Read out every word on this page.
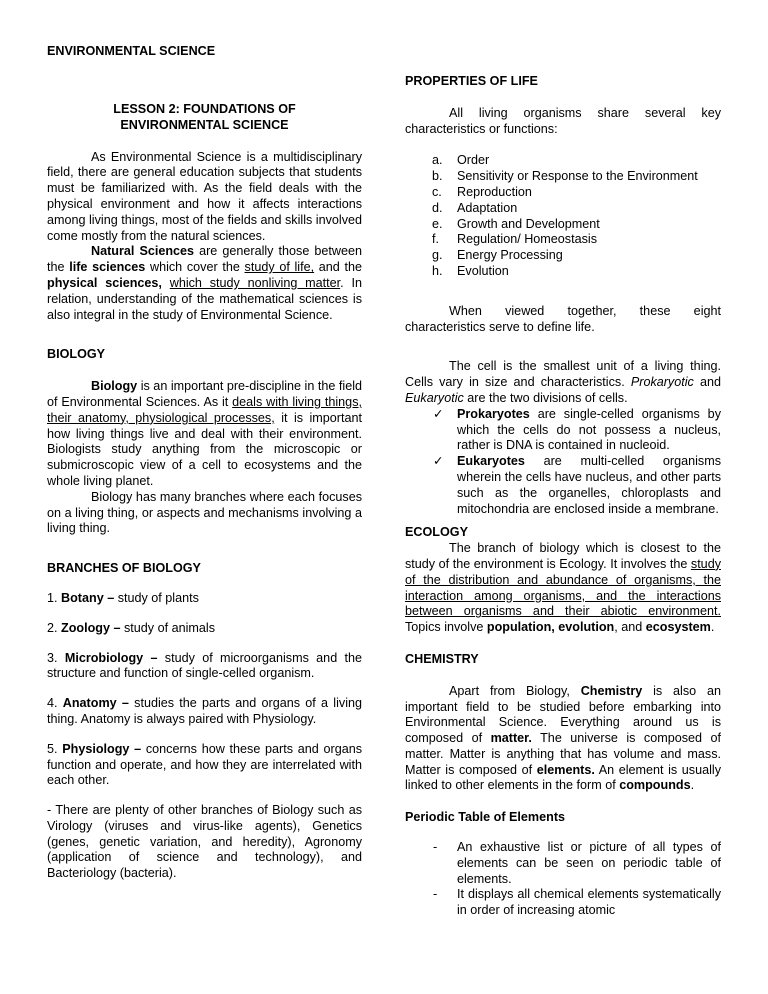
ENVIRONMENTAL SCIENCE
LESSON 2: FOUNDATIONS OF
ENVIRONMENTAL SCIENCE

As Environmental Science is a multidisciplinary field, there are general education subjects that students must be familiarized with. As the field deals with the physical environment and how it affects interactions among living things, most of the fields and skills involved come mostly from the natural sciences.

Natural Sciences are generally those between the life sciences which cover the study of life, and the physical sciences, which study nonliving matter. In relation, understanding of the mathematical sciences is also integral in the study of Environmental Science.

BIOLOGY

Biology is an important pre-discipline in the field of Environmental Sciences. As it deals with living things, their anatomy, physiological processes, it is important how living things live and deal with their environment. Biologists study anything from the microscopic or submicroscopic view of a cell to ecosystems and the whole living planet.

Biology has many branches where each focuses on a living thing, or aspects and mechanisms involving a living thing.

BRANCHES OF BIOLOGY

1. Botany – study of plants

2. Zoology – study of animals

3. Microbiology – study of microorganisms and the structure and function of single-celled organism.

4. Anatomy – studies the parts and organs of a living thing. Anatomy is always paired with Physiology.

5. Physiology – concerns how these parts and organs function and operate, and how they are interrelated with each other.

- There are plenty of other branches of Biology such as Virology (viruses and virus-like agents), Genetics (genes, genetic variation, and heredity), Agronomy (application of science and technology), and Bacteriology (bacteria).

PROPERTIES OF LIFE

All living organisms share several key characteristics or functions:

a. Order
b. Sensitivity or Response to the Environment
c. Reproduction
d. Adaptation
e. Growth and Development
f. Regulation/ Homeostasis
g. Energy Processing
h. Evolution

When viewed together, these eight characteristics serve to define life.

The cell is the smallest unit of a living thing. Cells vary in size and characteristics. Prokaryotic and Eukaryotic are the two divisions of cells.

✓ Prokaryotes are single-celled organisms by which the cells do not possess a nucleus, rather is DNA is contained in nucleoid.
✓ Eukaryotes are multi-celled organisms wherein the cells have nucleus, and other parts such as the organelles, chloroplasts and mitochondria are enclosed inside a membrane.
ECOLOGY

The branch of biology which is closest to the study of the environment is Ecology. It involves the study of the distribution and abundance of organisms, the interaction among organisms, and the interactions between organisms and their abiotic environment. Topics involve population, evolution, and ecosystem.

CHEMISTRY

Apart from Biology, Chemistry is also an important field to be studied before embarking into Environmental Science. Everything around us is composed of matter. The universe is composed of matter. Matter is anything that has volume and mass. Matter is composed of elements. An element is usually linked to other elements in the form of compounds.

Periodic Table of Elements
- An exhaustive list or picture of all types of elements can be seen on periodic table of elements.
- It displays all chemical elements systematically in order of increasing atomic
